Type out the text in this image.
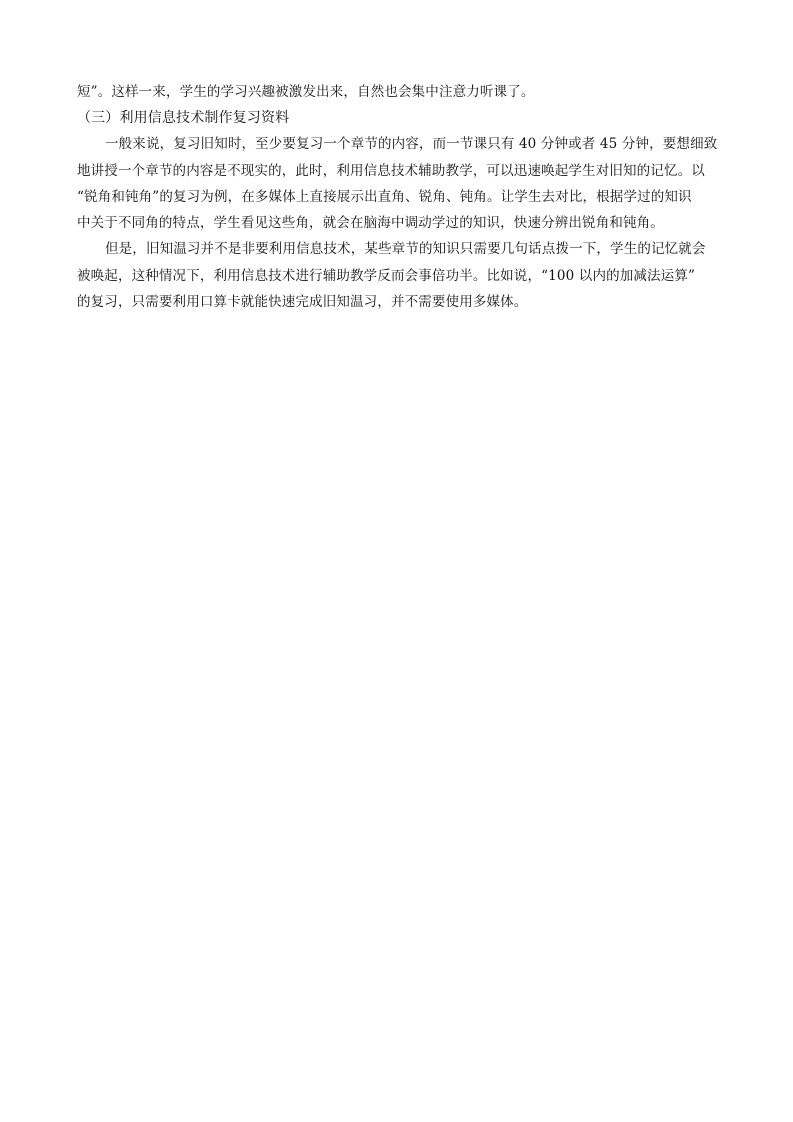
短”。这样一来，学生的学习兴趣被激发出来，自然也会集中注意力听课了。
（三）利用信息技术制作复习资料
一般来说，复习旧知时，至少要复习一个章节的内容，而一节课只有 40 分钟或者 45 分钟，要想细致
地讲授一个章节的内容是不现实的，此时，利用信息技术辅助教学，可以迅速唤起学生对旧知的记忆。以
“锐角和钝角”的复习为例，在多媒体上直接展示出直角、锐角、钝角。让学生去对比，根据学过的知识
中关于不同角的特点，学生看见这些角，就会在脑海中调动学过的知识，快速分辨出锐角和钝角。
但是，旧知温习并不是非要利用信息技术，某些章节的知识只需要几句话点拨一下，学生的记忆就会
被唤起，这种情况下，利用信息技术进行辅助教学反而会事倍功半。比如说，“100 以内的加减法运算”
的复习，只需要利用口算卡就能快速完成旧知温习，并不需要使用多媒体。
